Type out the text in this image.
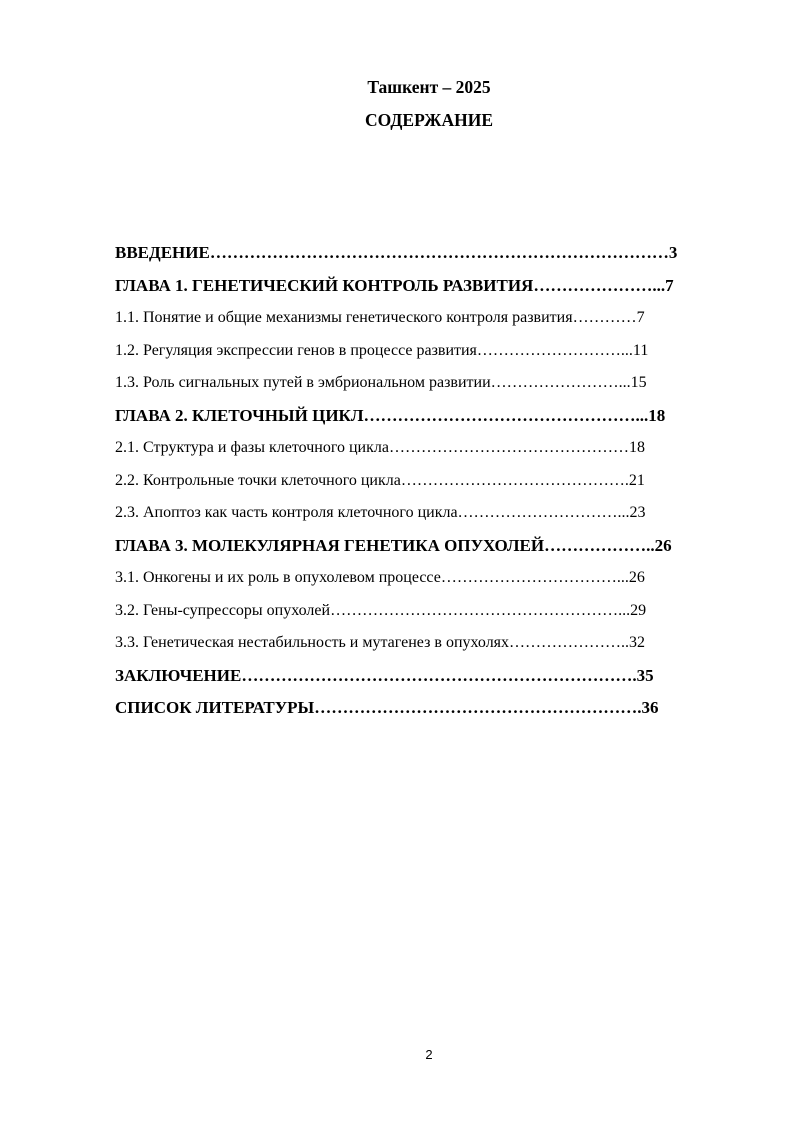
Ташкент – 2025
СОДЕРЖАНИЕ
ВВЕДЕНИЕ………………………………………………………………………3
ГЛАВА 1. ГЕНЕТИЧЕСКИЙ КОНТРОЛЬ РАЗВИТИЯ…………………...7
1.1. Понятие и общие механизмы генетического контроля развития…………7
1.2. Регуляция экспрессии генов в процессе развития………………………...11
1.3. Роль сигнальных путей в эмбриональном развитии……………………...15
ГЛАВА 2. КЛЕТОЧНЫЙ ЦИКЛ…………………………………………...18
2.1. Структура и фазы клеточного цикла………………………………………18
2.2. Контрольные точки клеточного цикла…………………………………….21
2.3. Апоптоз как часть контроля клеточного цикла…………………………...23
ГЛАВА 3. МОЛЕКУЛЯРНАЯ ГЕНЕТИКА ОПУХОЛЕЙ………………..26
3.1. Онкогены и их роль в опухолевом процессе……………………………...26
3.2. Гены-супрессоры опухолей………………………………………………...29
3.3. Генетическая нестабильность и мутагенез в опухолях…………………..32
ЗАКЛЮЧЕНИЕ…………………………………………………………….35
СПИСОК ЛИТЕРАТУРЫ………………………………………………….36
2
